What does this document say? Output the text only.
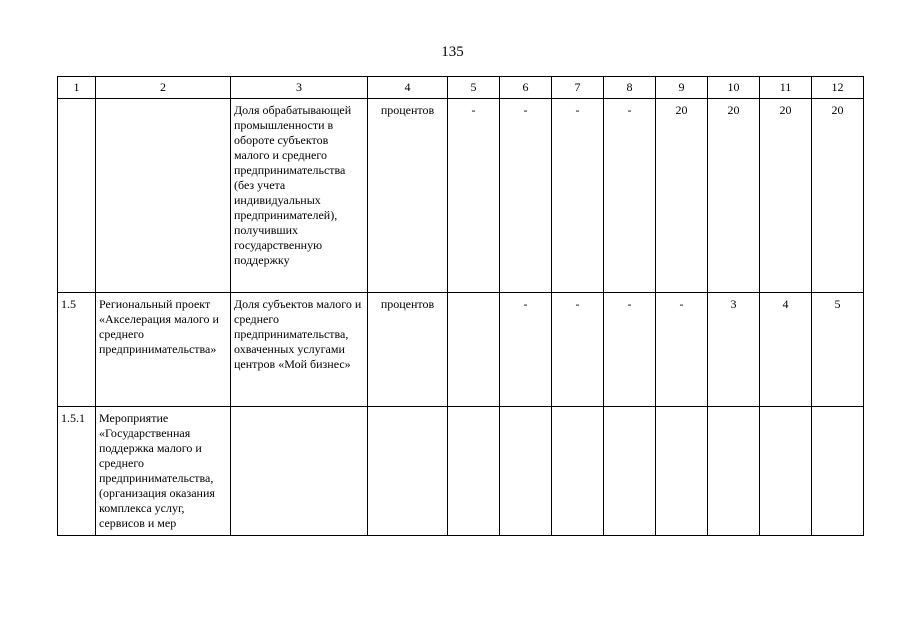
135
1	2	3	4	5	6	7	8	9	10	11	12
		Доля обрабатывающей промышленности в обороте субъектов малого и среднего предпринимательства (без учета индивидуальных предпринимателей), получивших государственную поддержку	процентов	-	-	-	-	20	20	20	20
1.5	Региональный проект «Акселерация малого и среднего предпринимательства»	Доля субъектов малого и среднего предпринимательства, охваченных услугами центров «Мой бизнес»	процентов		-	-	-	-	3	4	5
1.5.1	Мероприятие «Государственная поддержка малого и среднего предпринимательства, (организация оказания комплекса услуг, сервисов и мер										
